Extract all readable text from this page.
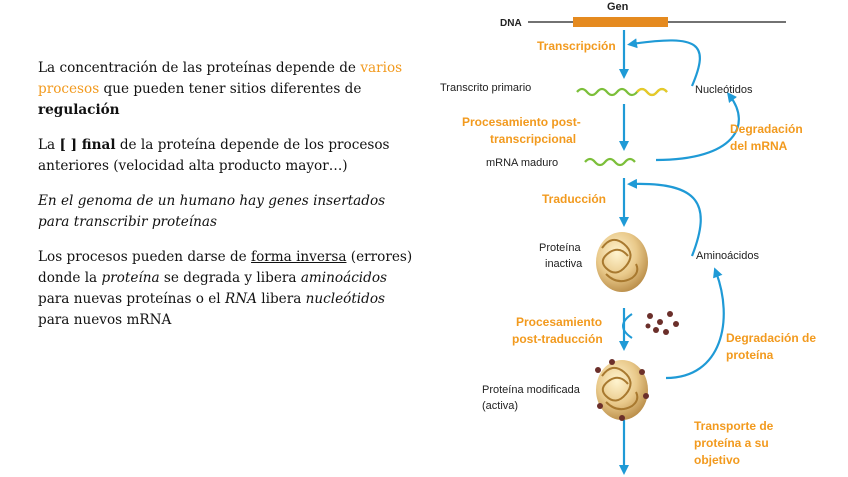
La concentración de las proteínas depende de varios procesos que pueden tener sitios diferentes de regulación

La [ ] final de la proteína depende de los procesos anteriores (velocidad alta producto mayor…)

En el genoma de un humano hay genes insertados para transcribir proteínas

Los procesos pueden darse de forma inversa (errores) donde la proteína se degrada y libera aminoácidos para nuevas proteínas o el RNA libera nucleótidos para nuevos mRNA

DNA
Gen
Transcripción
Transcrito primario	Nucleótidos
Procesamiento post-
transcripcional
Degradación
del mRNA
mRNA maduro
Traducción
Proteína
inactiva
Aminoácidos
Procesamiento
post-traducción	Degradación de
proteína
Proteína modificada
(activa)
Transporte de
proteína a su
objetivo
